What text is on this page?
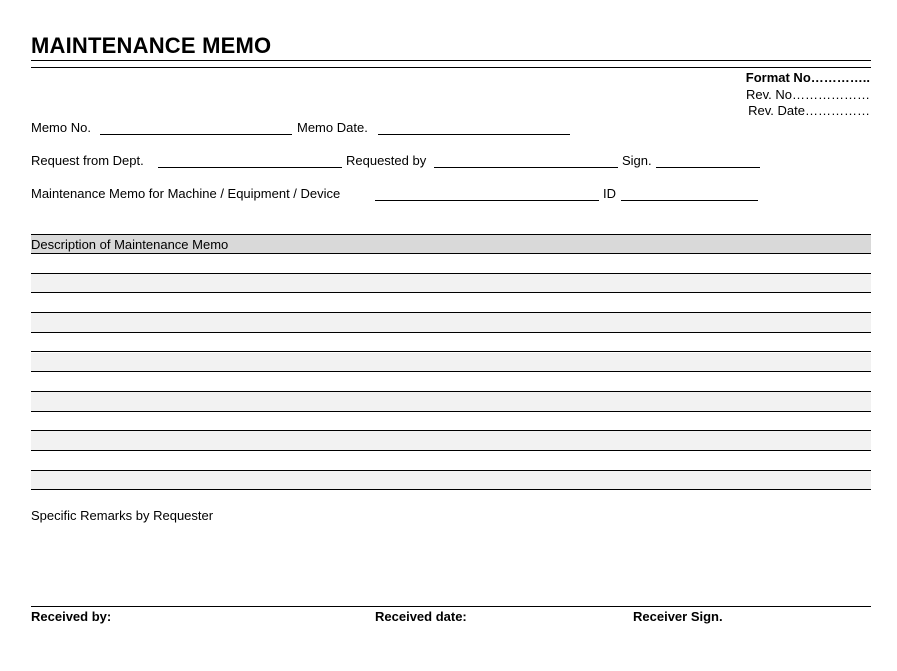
MAINTENANCE MEMO
Format No…………..
Rev. No………………
Rev. Date……………
Memo No.	Memo Date.
Request from Dept.	Requested by	Sign.
Maintenance Memo for Machine / Equipment / Device	ID
Description of Maintenance Memo
Specific Remarks by Requester
Received by:	Received date:	Receiver Sign.
